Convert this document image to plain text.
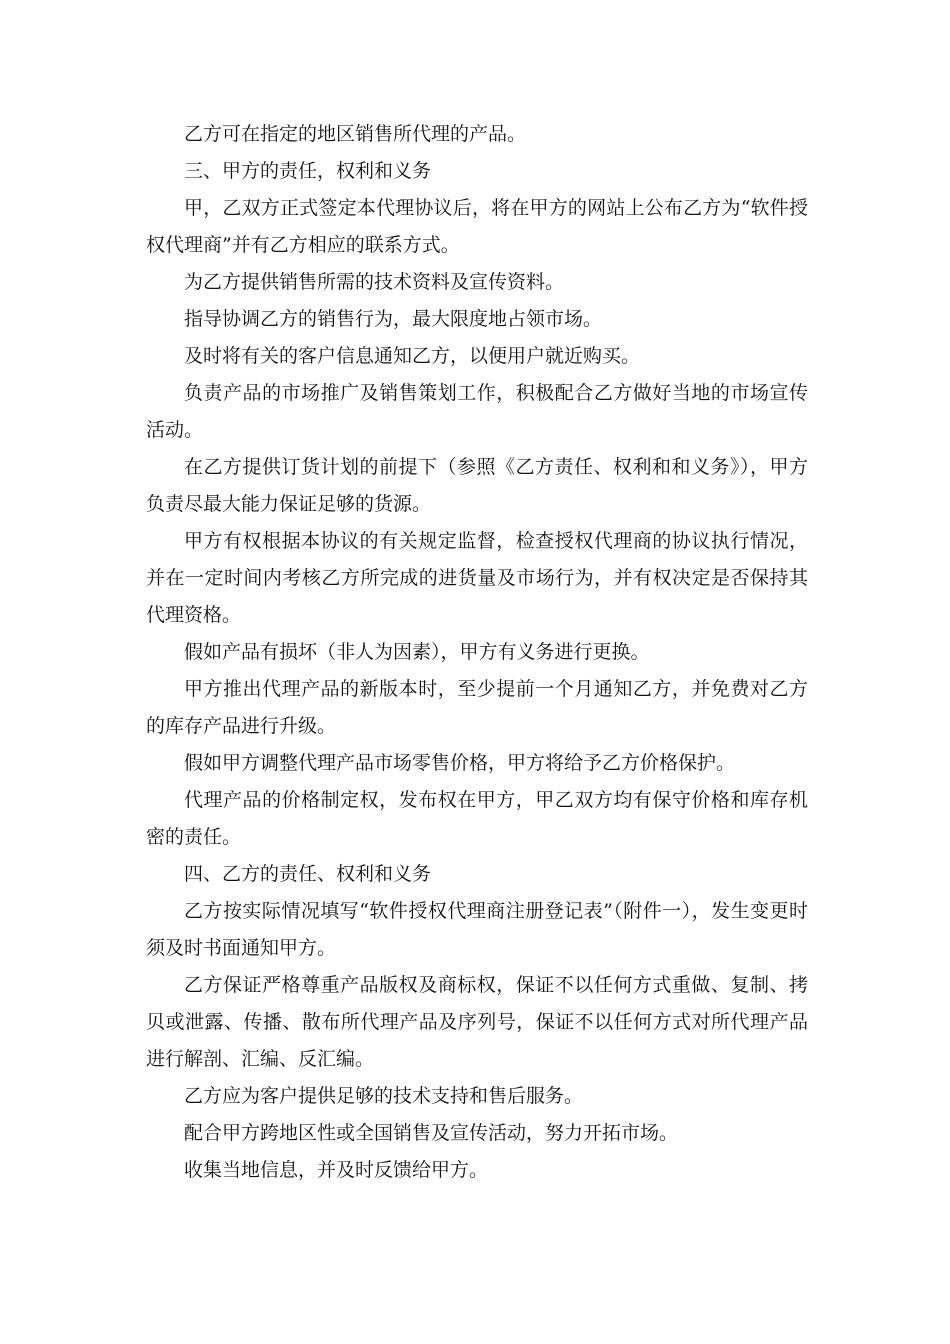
乙方可在指定的地区销售所代理的产品。

三、甲方的责任，权利和义务

甲，乙双方正式签定本代理协议后，将在甲方的网站上公布乙方为“软件授权代理商”并有乙方相应的联系方式。

为乙方提供销售所需的技术资料及宣传资料。

指导协调乙方的销售行为，最大限度地占领市场。

及时将有关的客户信息通知乙方，以便用户就近购买。

负责产品的市场推广及销售策划工作，积极配合乙方做好当地的市场宣传活动。

在乙方提供订货计划的前提下（参照《乙方责任、权利和和义务》），甲方负责尽最大能力保证足够的货源。

甲方有权根据本协议的有关规定监督，检查授权代理商的协议执行情况，并在一定时间内考核乙方所完成的进货量及市场行为，并有权决定是否保持其代理资格。

假如产品有损坏（非人为因素），甲方有义务进行更换。

甲方推出代理产品的新版本时，至少提前一个月通知乙方，并免费对乙方的库存产品进行升级。

假如甲方调整代理产品市场零售价格，甲方将给予乙方价格保护。

代理产品的价格制定权，发布权在甲方，甲乙双方均有保守价格和库存机密的责任。

四、乙方的责任、权利和义务

乙方按实际情况填写“软件授权代理商注册登记表”（附件一），发生变更时须及时书面通知甲方。

乙方保证严格尊重产品版权及商标权，保证不以任何方式重做、复制、拷贝或泄露、传播、散布所代理产品及序列号，保证不以任何方式对所代理产品进行解剖、汇编、反汇编。

乙方应为客户提供足够的技术支持和售后服务。

配合甲方跨地区性或全国销售及宣传活动，努力开拓市场。

收集当地信息，并及时反馈给甲方。
